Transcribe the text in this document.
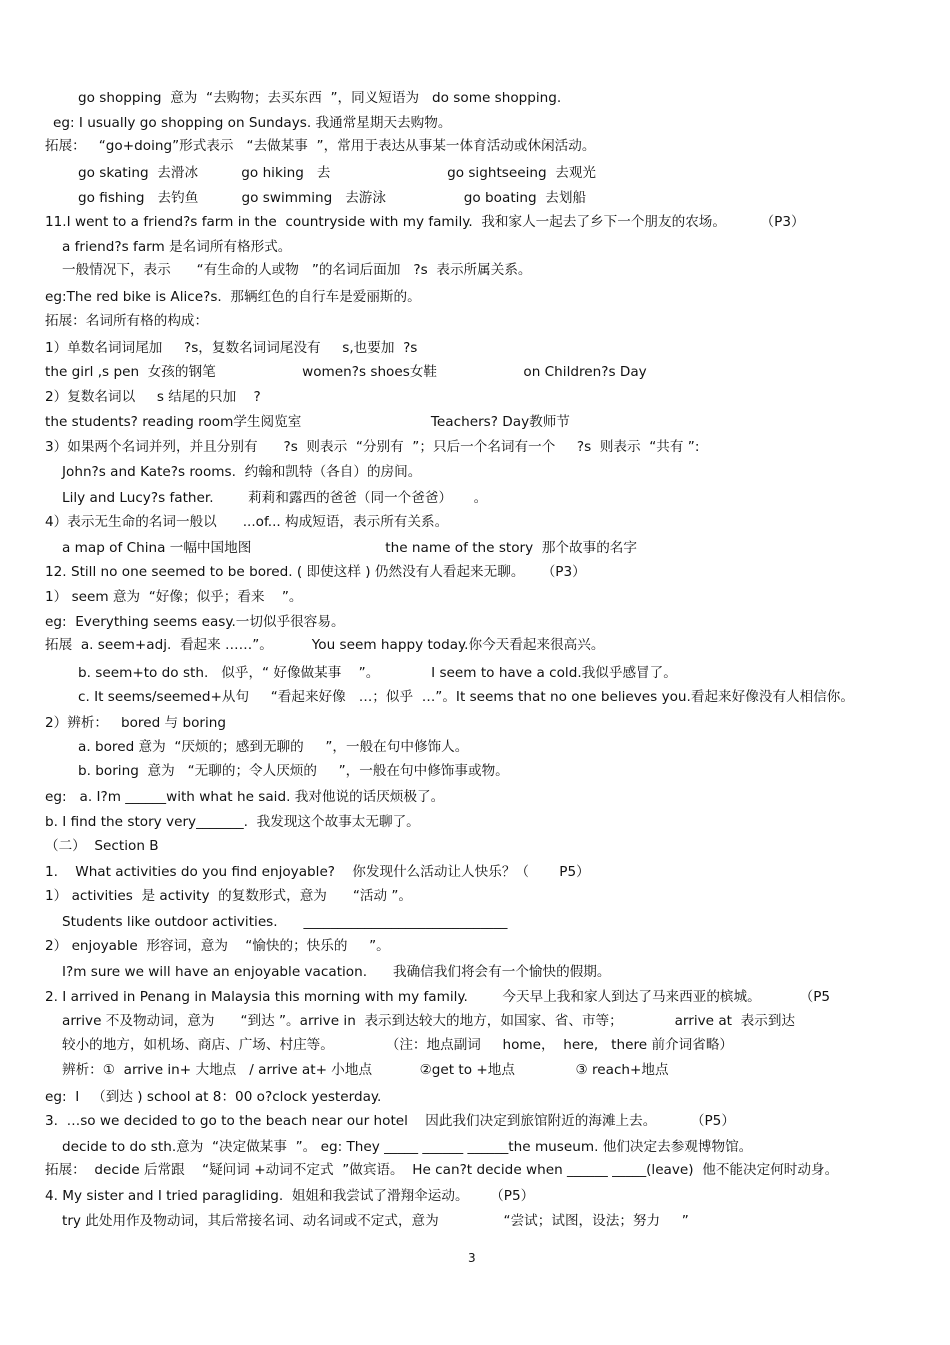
go shopping  意为  “去购物；去买东西  ”，同义短语为   do some shopping.
eg: I usually go shopping on Sundays. 我通常星期天去购物。
拓展：   “go+doing”形式表示   “去做某事  ”，常用于表达从事某一体育活动或休闲活动。
go skating  去滑冰          go hiking   去                           go sightseeing  去观光
go fishing   去钓鱼          go swimming   去游泳                  go boating  去划船
11.I went to a friend?s farm in the  countryside with my family.  我和家人一起去了乡下一个朋友的农场。        （P3）
a friend?s farm 是名词所有格形式。
一般情况下，表示      “有生命的人或物   ”的名词后面加   ?s  表示所属关系。
eg:The red bike is Alice?s.  那辆红色的自行车是爱丽斯的。
拓展：名词所有格的构成：
1）单数名词词尾加     ?s，复数名词词尾没有     s,也要加  ?s
the girl ,s pen  女孩的钢笔                    women?s shoes女鞋                    on Children?s Day
2）复数名词以     s 结尾的只加    ?
the students? reading room学生阅览室                              Teachers? Day教师节
3）如果两个名词并列，并且分别有      ?s  则表示  “分别有  ”；只后一个名词有一个     ?s  则表示  “共有 ”:
John?s and Kate?s rooms.  约翰和凯特（各自）的房间。
Lily and Lucy?s father.        莉莉和露西的爸爸（同一个爸爸）     。
4）表示无生命的名词一般以      ...of... 构成短语，表示所有关系。
a map of China 一幅中国地图                               the name of the story  那个故事的名字
12. Still no one seemed to be bored. ( 即使这样 ) 仍然没有人看起来无聊。    （P3）
1） seem 意为  “好像；似乎；看来    ”。
eg:  Everything seems easy.一切似乎很容易。
拓展  a. seem+adj.  看起来 ……”。         You seem happy today.你今天看起来很高兴。
b. seem+to do sth.   似乎，“ 好像做某事    ”。            I seem to have a cold.我似乎感冒了。
c. It seems/seemed+从句     “看起来好像   …；似乎  …”。It seems that no one believes you.看起来好像没有人相信你。
2）辨析：   bored 与 boring
a. bored 意为  “厌烦的；感到无聊的     ”，一般在句中修饰人。
b. boring  意为   “无聊的；令人厌烦的     ”，一般在句中修饰事或物。
eg:   a. I?m ______with what he said. 我对他说的话厌烦极了。
b. I find the story very_______.  我发现这个故事太无聊了。
（二）  Section B
1.    What activities do you find enjoyable?    你发现什么活动让人快乐？（       P5）
1） activities  是 activity  的复数形式，意为      “活动 ”。
Students like outdoor activities.      ______________________________
2） enjoyable  形容词，意为    “愉快的；快乐的     ”。
I?m sure we will have an enjoyable vacation.      我确信我们将会有一个愉快的假期。
2. I arrived in Penang in Malaysia this morning with my family.        今天早上我和家人到达了马来西亚的槟城。         （P5
arrive 不及物动词，意为      “到达 ”。arrive in  表示到达较大的地方，如国家、省、市等；            arrive at  表示到达
较小的地方，如机场、商店、广场、村庄等。            （注：地点副词     home，  here,   there 前介词省略）
辨析：①  arrive in+ 大地点   / arrive at+ 小地点           ②get to +地点              ③ reach+地点
eg:  I   （到达 ) school at 8：00 o?clock yesterday.
3.  …so we decided to go to the beach near our hotel    因此我们决定到旅馆附近的海滩上去。        （P5）
decide to do sth.意为  “决定做某事  ”。 eg: They _____ ______ ______the museum. 他们决定去参观博物馆。
拓展：  decide 后常跟    “疑问词 +动词不定式  ”做宾语。  He can?t decide when ______ _____(leave)  他不能决定何时动身。
4. My sister and I tried paragliding.  姐姐和我尝试了滑翔伞运动。     （P5）
try 此处用作及物动词，其后常接名词、动名词或不定式，意为               “尝试；试图，设法；努力     ”
3
